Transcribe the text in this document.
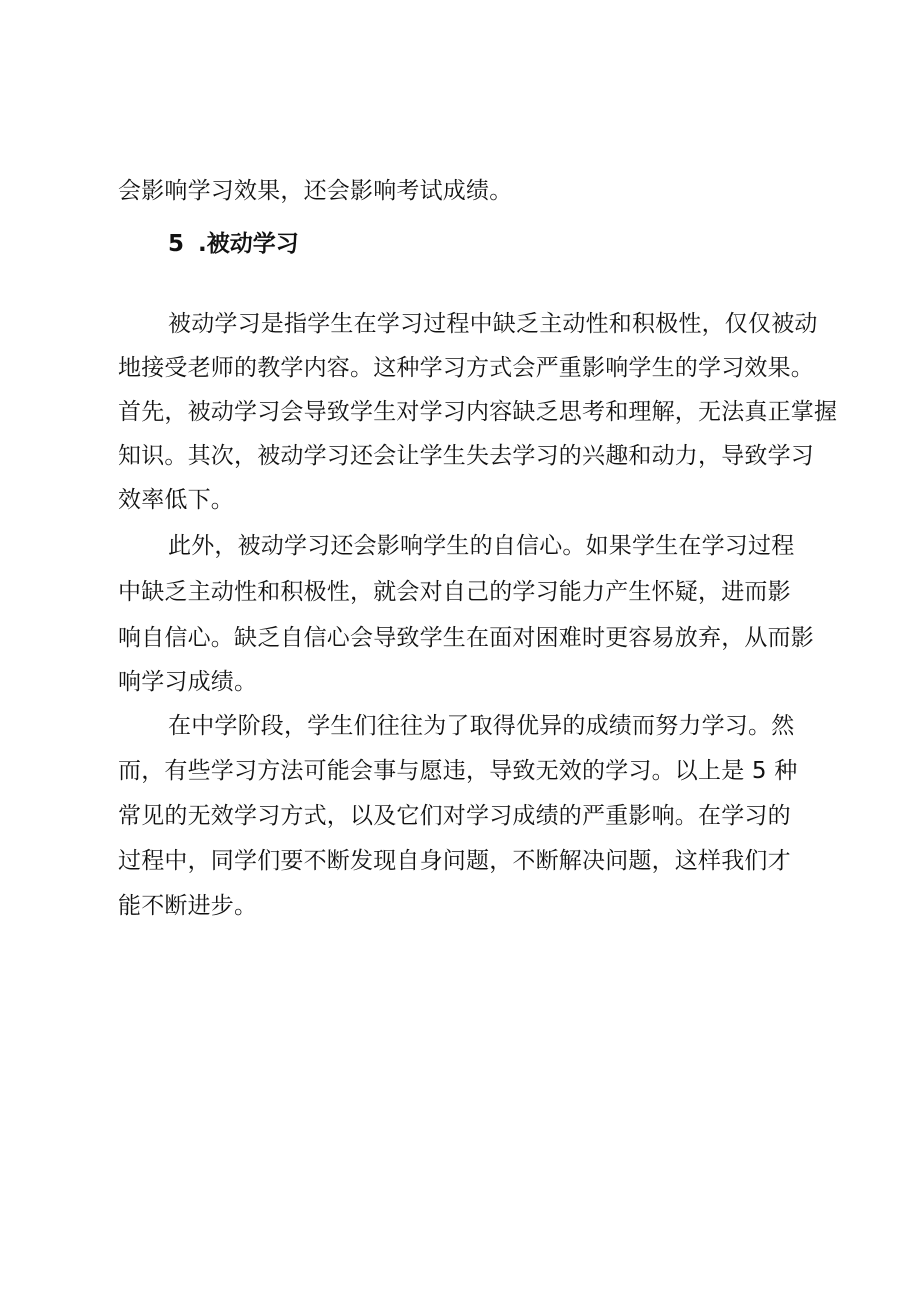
会影响学习效果，还会影响考试成绩。
5 .被动学习
被动学习是指学生在学习过程中缺乏主动性和积极性，仅仅被动
地接受老师的教学内容。这种学习方式会严重影响学生的学习效果。
首先，被动学习会导致学生对学习内容缺乏思考和理解，无法真正掌握
知识。其次，被动学习还会让学生失去学习的兴趣和动力，导致学习
效率低下。
此外，被动学习还会影响学生的自信心。如果学生在学习过程
中缺乏主动性和积极性，就会对自己的学习能力产生怀疑，进而影
响自信心。缺乏自信心会导致学生在面对困难时更容易放弃，从而影
响学习成绩。
在中学阶段，学生们往往为了取得优异的成绩而努力学习。然
而，有些学习方法可能会事与愿违，导致无效的学习。以上是 5 种
常见的无效学习方式，以及它们对学习成绩的严重影响。在学习的
过程中，同学们要不断发现自身问题，不断解决问题，这样我们才
能不断进步。
